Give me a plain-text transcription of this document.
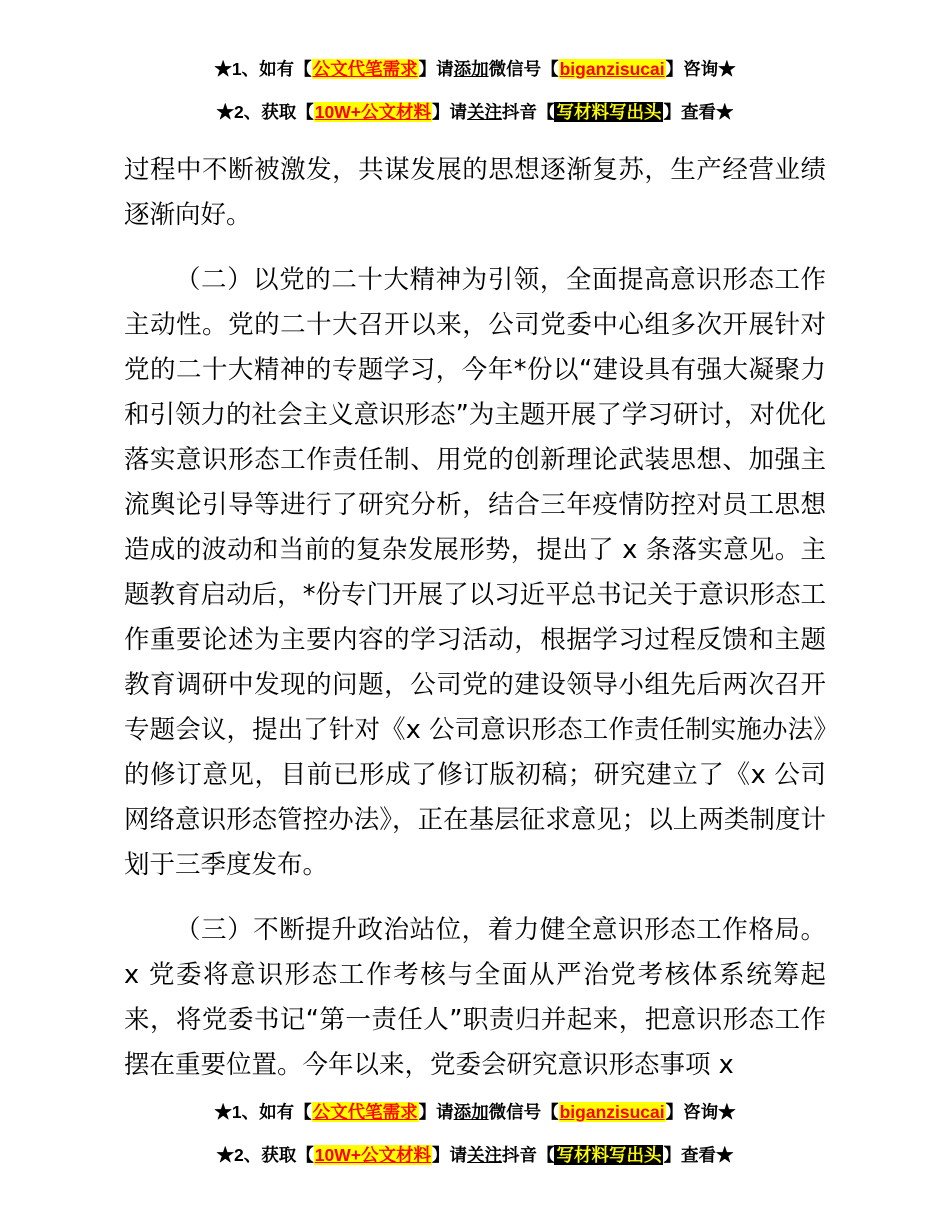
★1、如有【公文代笔需求】请添加微信号【biganzisucai】咨询★
★2、获取【10W+公文材料】请关注抖音【 写材料写出头 】查看★

过程中不断被激发，共谋发展的思想逐渐复苏，生产经营业绩逐渐向好。

（二）以党的二十大精神为引领，全面提高意识形态工作主动性。党的二十大召开以来，公司党委中心组多次开展针对党的二十大精神的专题学习，今年*份以“建设具有强大凝聚力和引领力的社会主义意识形态”为主题开展了学习研讨，对优化落实意识形态工作责任制、用党的创新理论武装思想、加强主流舆论引导等进行了研究分析，结合三年疫情防控对员工思想造成的波动和当前的复杂发展形势，提出了 x 条落实意见。主题教育启动后，*份专门开展了以习近平总书记关于意识形态工作重要论述为主要内容的学习活动，根据学习过程反馈和主题教育调研中发现的问题，公司党的建设领导小组先后两次召开专题会议，提出了针对《x 公司意识形态工作责任制实施办法》的修订意见，目前已形成了修订版初稿；研究建立了《x 公司网络意识形态管控办法》，正在基层征求意见；以上两类制度计划于三季度发布。

（三）不断提升政治站位，着力健全意识形态工作格局。x 党委将意识形态工作考核与全面从严治党考核体系统筹起来，将党委书记“第一责任人”职责归并起来，把意识形态工作摆在重要位置。今年以来，党委会研究意识形态事项 x

★1、如有【公文代笔需求】请添加微信号【biganzisucai】咨询★
★2、获取【10W+公文材料】请关注抖音【 写材料写出头 】查看★
